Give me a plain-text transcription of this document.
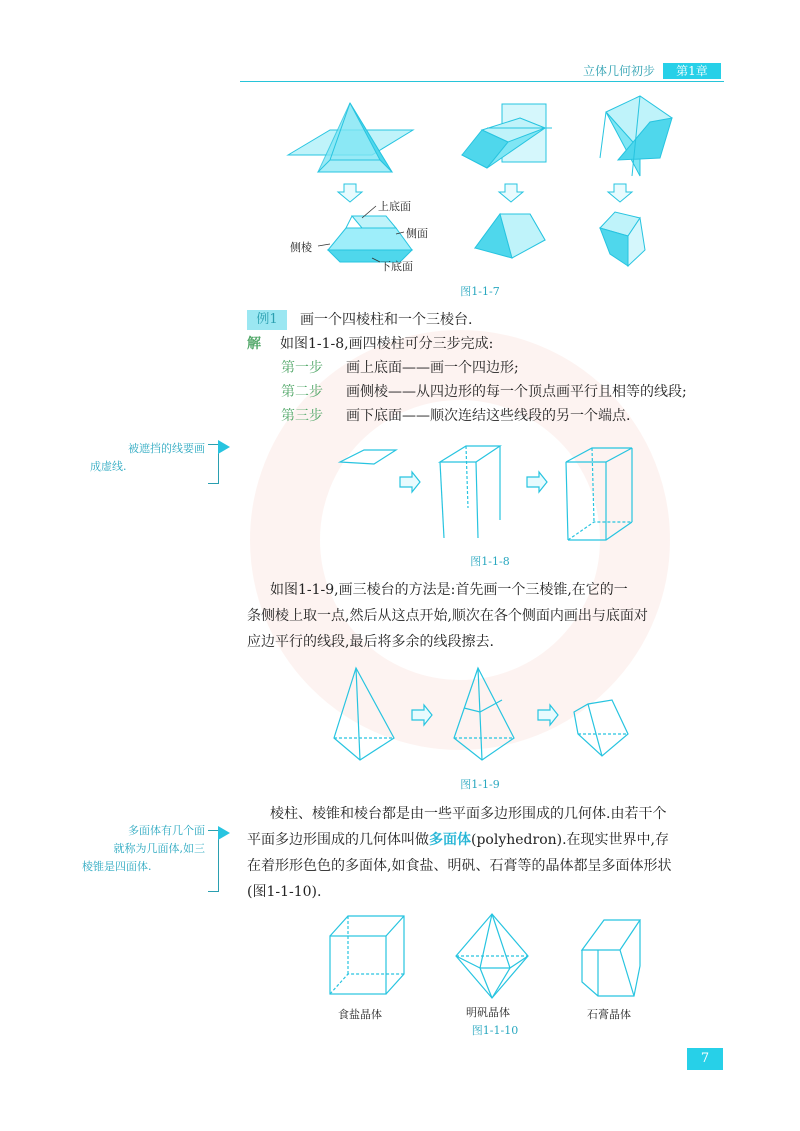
立体几何初步	第1章
上底面
侧面
侧棱
下底面
图1-1-7
例1	画一个四棱柱和一个三棱台.
解 如图1-1-8,画四棱柱可分三步完成:
第一步 画上底面——画一个四边形;
第二步 画侧棱——从四边形的每一个顶点画平行且相等的线段;
第三步 画下底面——顺次连结这些线段的另一个端点.
被遮挡的线要画
成虚线.
图1-1-8
如图1-1-9,画三棱台的方法是:首先画一个三棱锥,在它的一
条侧棱上取一点,然后从这点开始,顺次在各个侧面内画出与底面对
应边平行的线段,最后将多余的线段擦去.
图1-1-9
棱柱、棱锥和棱台都是由一些平面多边形围成的几何体.由若干个
平面多边形围成的几何体叫做多面体(polyhedron).在现实世界中,存
在着形形色色的多面体,如食盐、明矾、石膏等的晶体都呈多面体形状
(图1-1-10).
多面体有几个面
就称为几面体,如三
棱锥是四面体.
食盐晶体	明矾晶体	石膏晶体
图1-1-10
7
